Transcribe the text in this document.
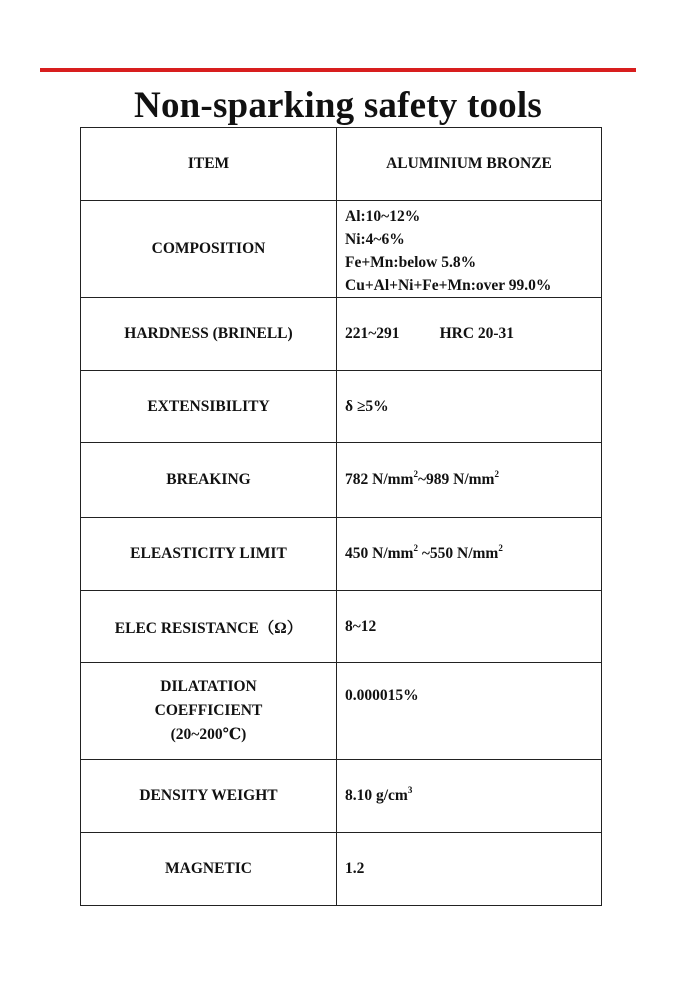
Non-sparking safety tools
ITEM	ALUMINIUM BRONZE
COMPOSITION	Al:10~12%
Ni:4~6%
Fe+Mn:below 5.8%
Cu+Al+Ni+Fe+Mn:over 99.0%

HARDNESS (BRINELL)	221~291 HRC 20-31
EXTENSIBILITY	δ ≥5%
BREAKING	782 $N/mm^2\sim 989$ $N/mm^2$
ELEASTICITY LIMIT	450 $N/mm^2$ ~550 $N/mm^2$
ELEC RESISTANCE（Ω）	8~12

DILATATION
COEFFICIENT
(20~200℃)	0.000015%
DENSITY WEIGHT	8.10 $g/cm^3$
MAGNETIC	1.2
